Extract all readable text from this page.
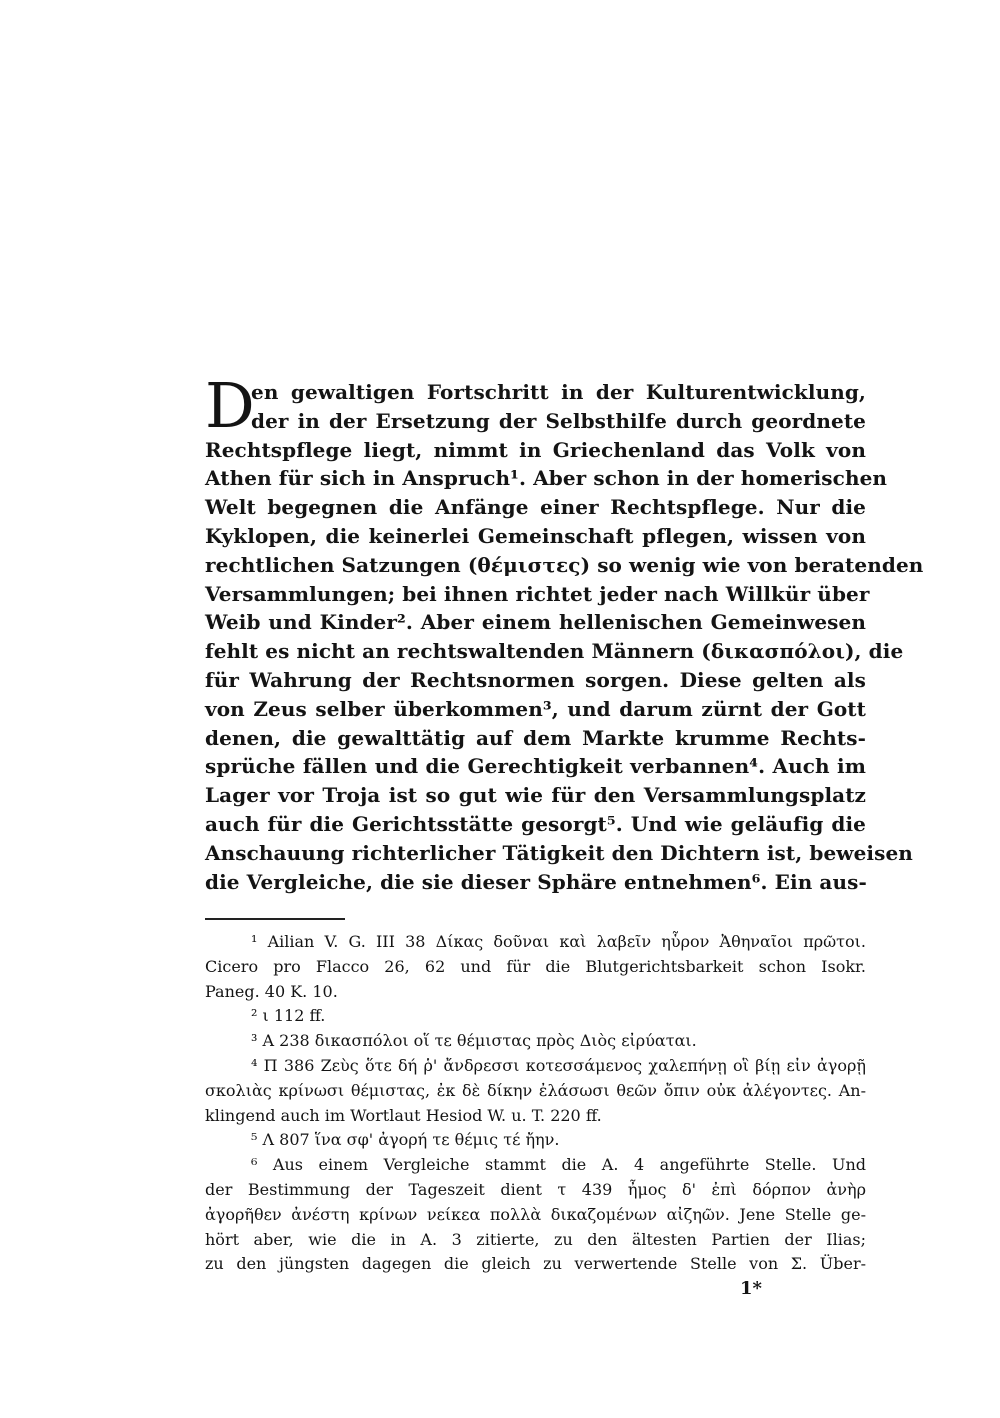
D
en gewaltigen Fortschritt in der Kulturentwicklung,
der in der Ersetzung der Selbsthilfe durch geordnete
Rechtspflege liegt, nimmt in Griechenland das Volk von
Athen für sich in Anspruch¹. Aber schon in der homerischen
Welt begegnen die Anfänge einer Rechtspflege. Nur die
Kyklopen, die keinerlei Gemeinschaft pflegen, wissen von
rechtlichen Satzungen (θέμιστες) so wenig wie von beratenden
Versammlungen; bei ihnen richtet jeder nach Willkür über
Weib und Kinder². Aber einem hellenischen Gemeinwesen
fehlt es nicht an rechtswaltenden Männern (δικασπόλοι), die
für Wahrung der Rechtsnormen sorgen. Diese gelten als
von Zeus selber überkommen³, und darum zürnt der Gott
denen, die gewalttätig auf dem Markte krumme Rechts-
sprüche fällen und die Gerechtigkeit verbannen⁴. Auch im
Lager vor Troja ist so gut wie für den Versammlungsplatz
auch für die Gerichtsstätte gesorgt⁵. Und wie geläufig die
Anschauung richterlicher Tätigkeit den Dichtern ist, beweisen
die Vergleiche, die sie dieser Sphäre entnehmen⁶. Ein aus-
¹ Ailian V. G. III 38 Δίκας δοῦναι καὶ λαβεῖν ηὗρον Ἀθηναῖοι πρῶτοι.
Cicero pro Flacco 26, 62 und für die Blutgerichtsbarkeit schon Isokr.
Paneg. 40 K. 10.
² ι 112 ff.
³ A 238 δικασπόλοι οἵ τε θέμιστας πρὸς Διὸς εἰρύαται.
⁴ Π 386 Ζεὺς ὅτε δή ῥ' ἄνδρεσσι κοτεσσάμενος χαλεπήνῃ οἳ βίῃ εἰν ἀγορῇ
σκολιὰς κρίνωσι θέμιστας, ἐκ δὲ δίκην ἐλάσωσι θεῶν ὄπιν οὐκ ἀλέγοντες. An-
klingend auch im Wortlaut Hesiod W. u. T. 220 ff.
⁵ Λ 807 ἵνα σφ' ἀγορή τε θέμις τέ ἤην.
⁶ Aus einem Vergleiche stammt die A. 4 angeführte Stelle. Und
der Bestimmung der Tageszeit dient τ 439 ἦμος δ' ἐπὶ δόρπον ἀνὴρ
ἀγορῆθεν ἀνέστη κρίνων νείκεα πολλὰ δικαζομένων αἰζηῶν. Jene Stelle ge-
hört aber, wie die in A. 3 zitierte, zu den ältesten Partien der Ilias;
zu den jüngsten dagegen die gleich zu verwertende Stelle von Σ. Über-
1*
